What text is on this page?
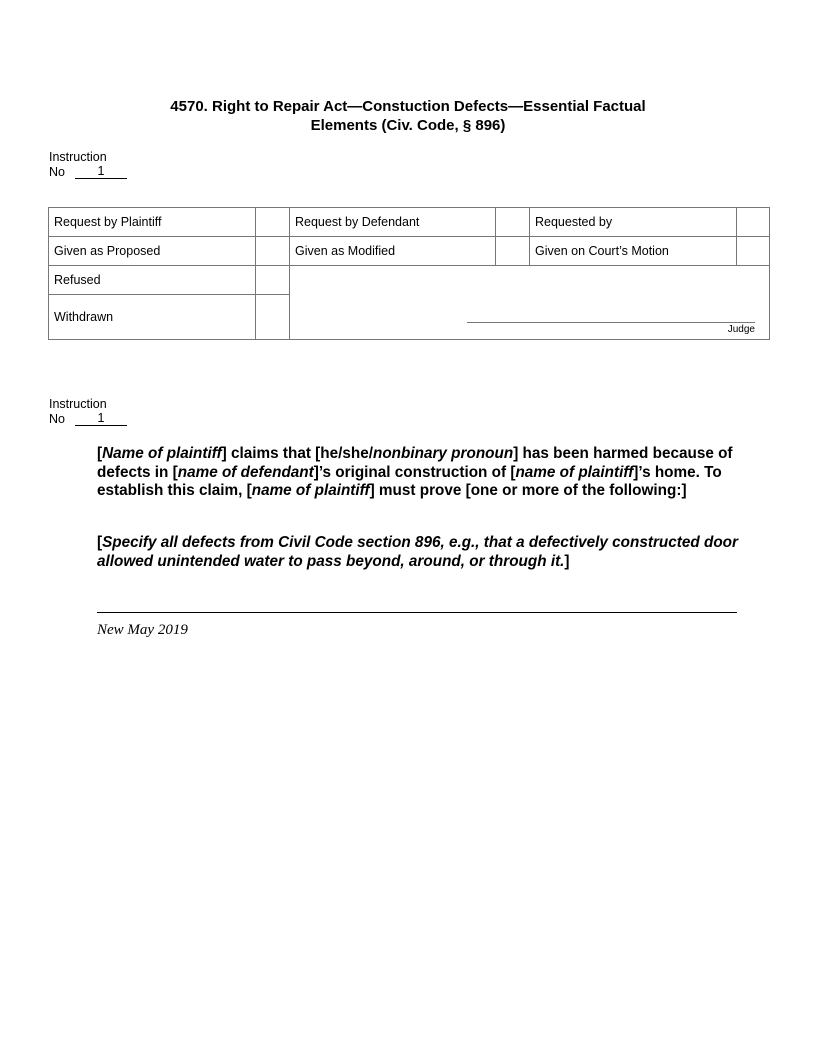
4570. Right to Repair Act—Constuction Defects—Essential Factual
Elements (Civ. Code, § 896)
Instruction
No	1
Request by Plaintiff		Request by Defendant		Requested by	
Given as Proposed		Given as Modified		Given on Court’s Motion	
Refused		Judge			

Withdrawn					
Instruction
No	1
[Name of plaintiff] claims that [he/she/nonbinary pronoun] has been harmed because of defects in [name of defendant]’s original construction of [name of plaintiff]’s home. To establish this claim, [name of plaintiff] must prove [one or more of the following:]
[Specify all defects from Civil Code section 896, e.g., that a defectively constructed door allowed unintended water to pass beyond, around, or through it.]
New May 2019
